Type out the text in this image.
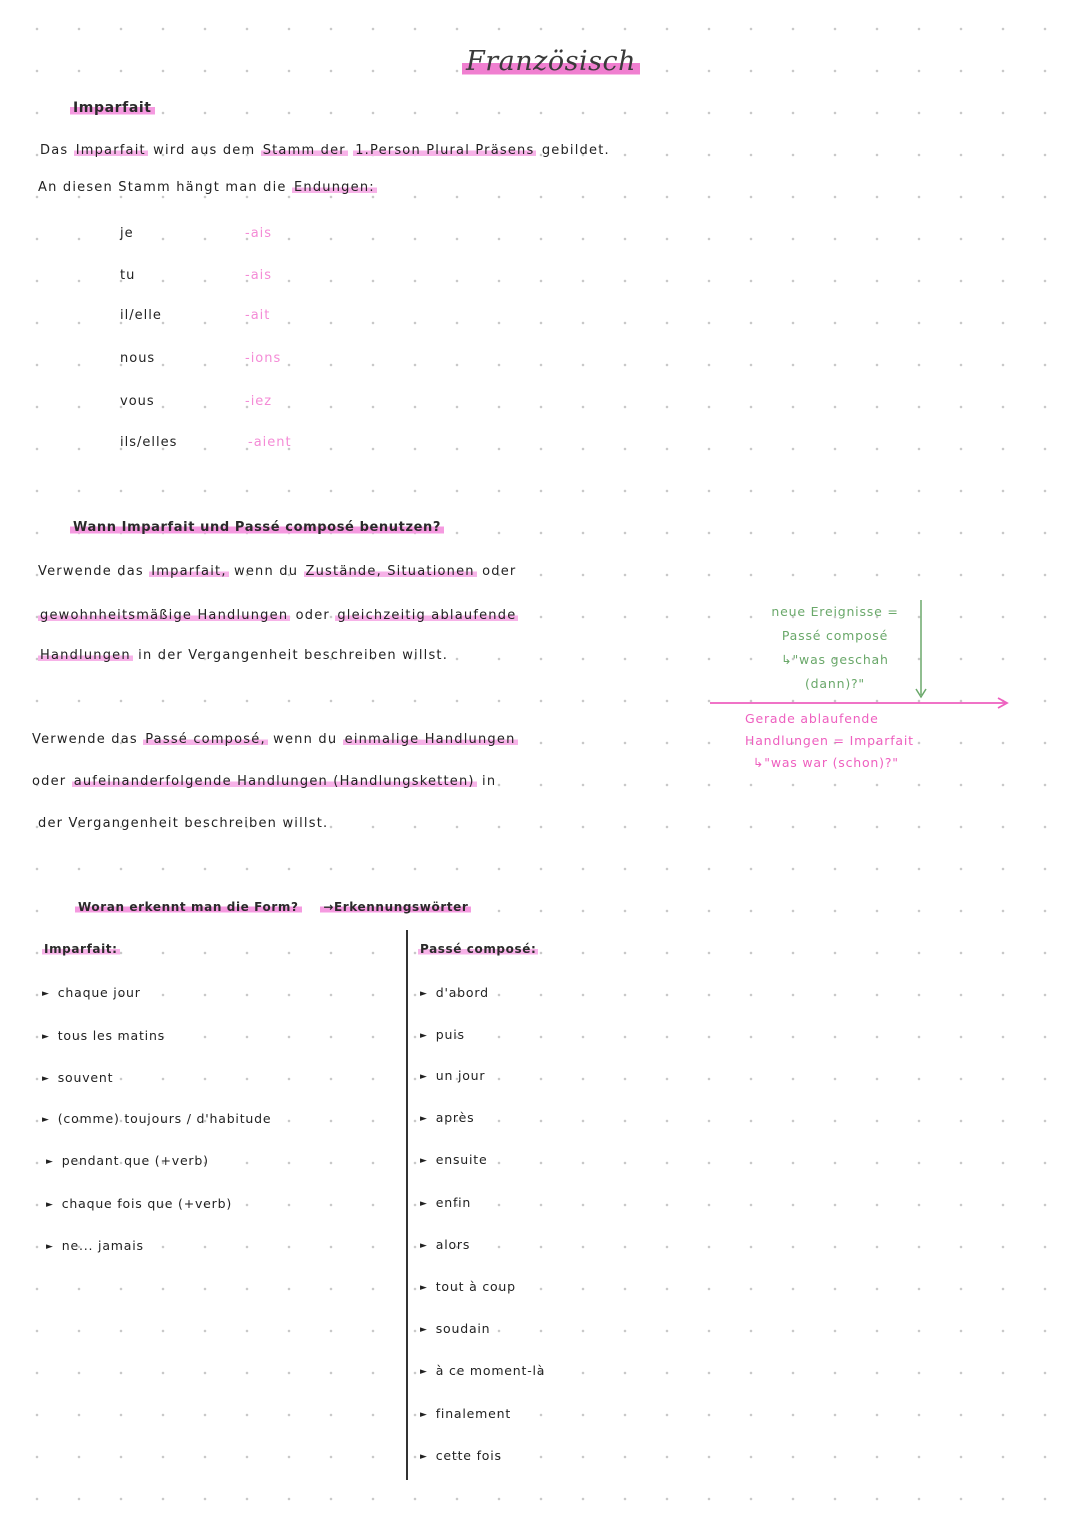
Französisch
Imparfait
Das Imparfait wird aus dem Stamm der 1.Person Plural Präsens gebildet.
An diesen Stamm hängt man die Endungen:
je	-ais
tu	-ais
il/elle	-ait
nous	-ions
vous	-iez
ils/elles	-aient
Wann Imparfait und Passé composé benutzen?
Verwende das Imparfait, wenn du Zustände, Situationen oder
gewohnheitsmäßige Handlungen oder gleichzeitig ablaufende
Handlungen in der Vergangenheit beschreiben willst.
Verwende das Passé composé, wenn du einmalige Handlungen
oder aufeinanderfolgende Handlungen (Handlungsketten) in
der Vergangenheit beschreiben willst.
neue Ereignisse =
Passé composé
↳"was geschah
(dann)?"
Gerade ablaufende
Handlungen = Imparfait
↳"was war (schon)?"
Woran erkennt man die Form? →Erkennungswörter
Imparfait:	Passé composé:
► chaque jour
► tous les matins
► souvent
► (comme) toujours / d'habitude
► pendant que (+verb)
► chaque fois que (+verb)
► ne... jamais
► d'abord
► puis
► un jour
► après
► ensuite
► enfin
► alors
► tout à coup
► soudain
► à ce moment-là
► finalement
► cette fois
